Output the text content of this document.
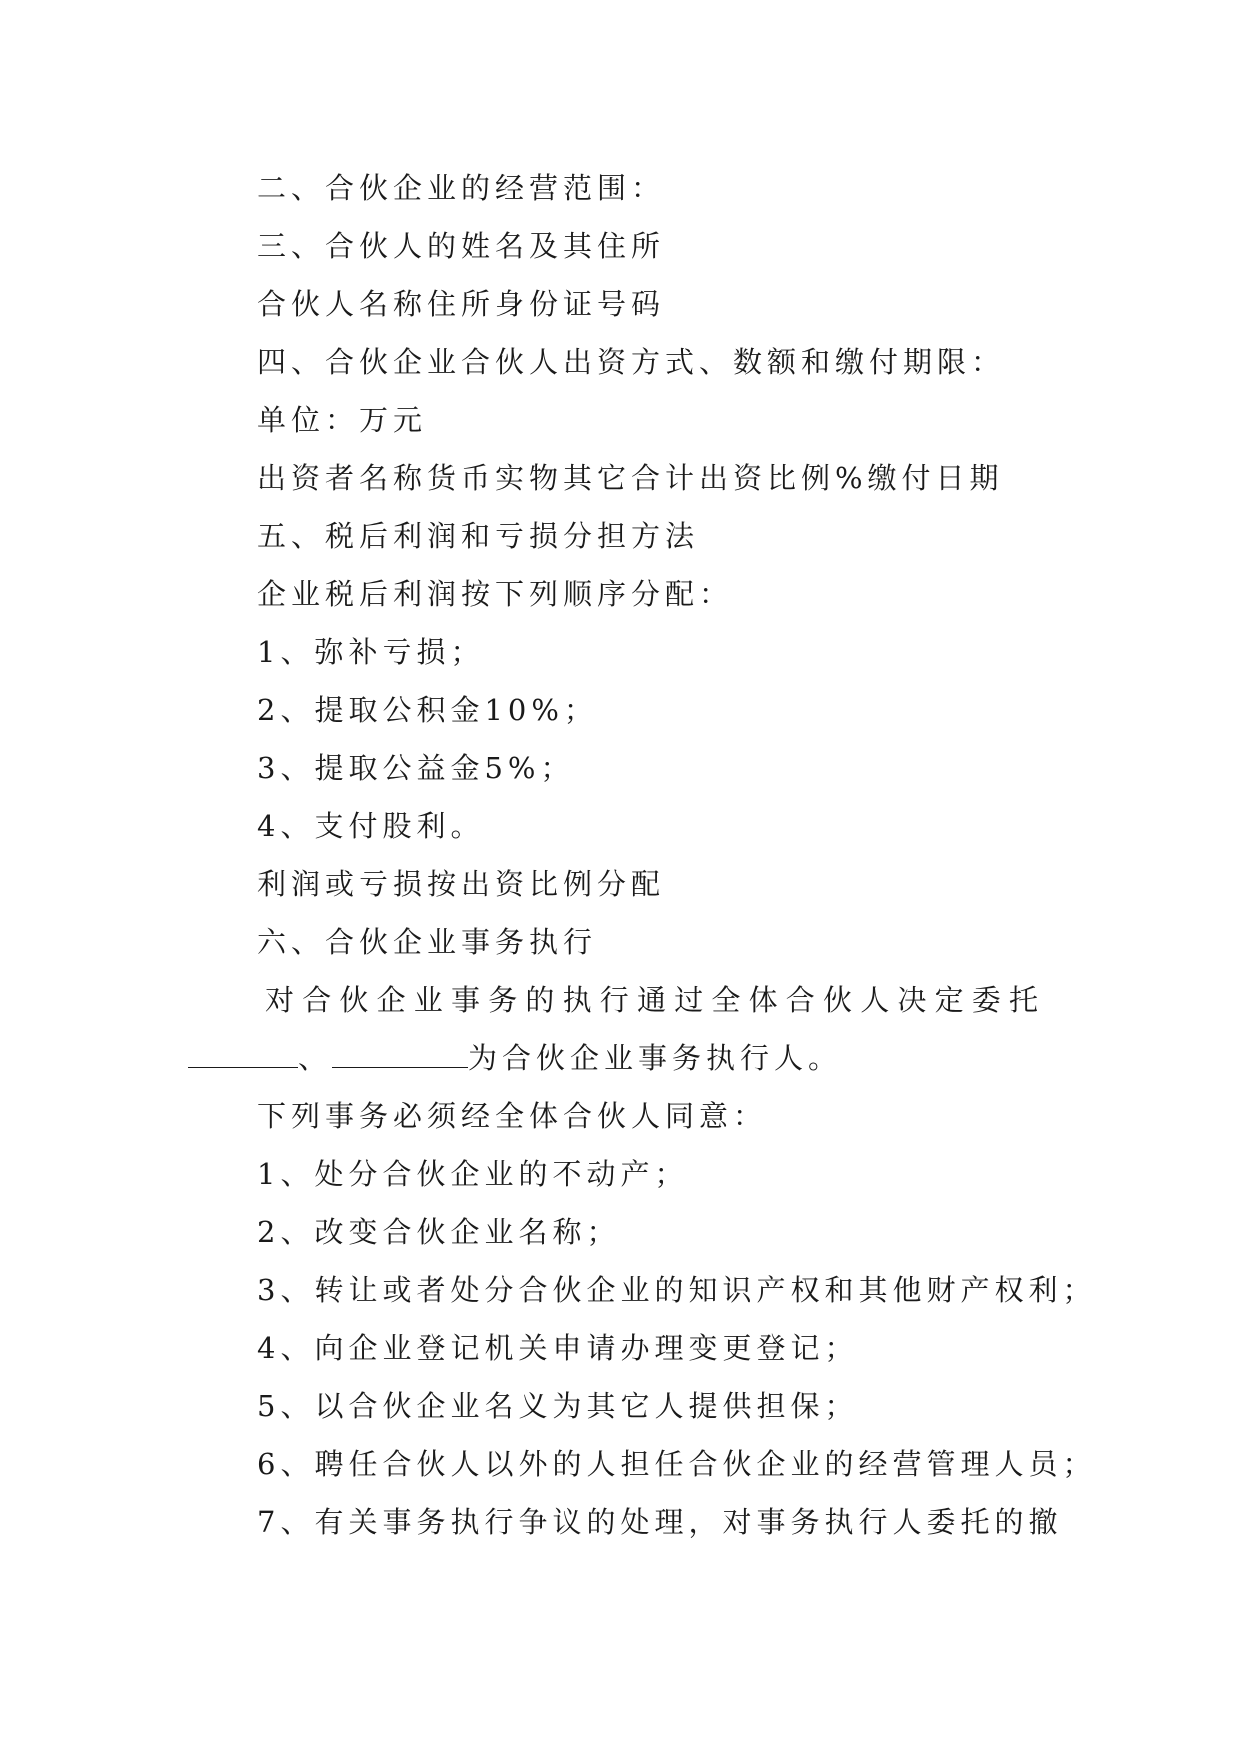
二、合伙企业的经营范围：
三、合伙人的姓名及其住所
合伙人名称住所身份证号码
四、合伙企业合伙人出资方式、数额和缴付期限：
单位：万元
出资者名称货币实物其它合计出资比例%缴付日期
五、税后利润和亏损分担方法
企业税后利润按下列顺序分配：
1、弥补亏损；
2、提取公积金10%；
3、提取公益金5%；
4、支付股利。
利润或亏损按出资比例分配
六、合伙企业事务执行
对合伙企业事务的执行通过全体合伙人决定委托
、	为合伙企业事务执行人。
下列事务必须经全体合伙人同意：
1、处分合伙企业的不动产；
2、改变合伙企业名称；
3、转让或者处分合伙企业的知识产权和其他财产权利；
4、向企业登记机关申请办理变更登记；
5、以合伙企业名义为其它人提供担保；
6、聘任合伙人以外的人担任合伙企业的经营管理人员；
7、有关事务执行争议的处理，对事务执行人委托的撤
